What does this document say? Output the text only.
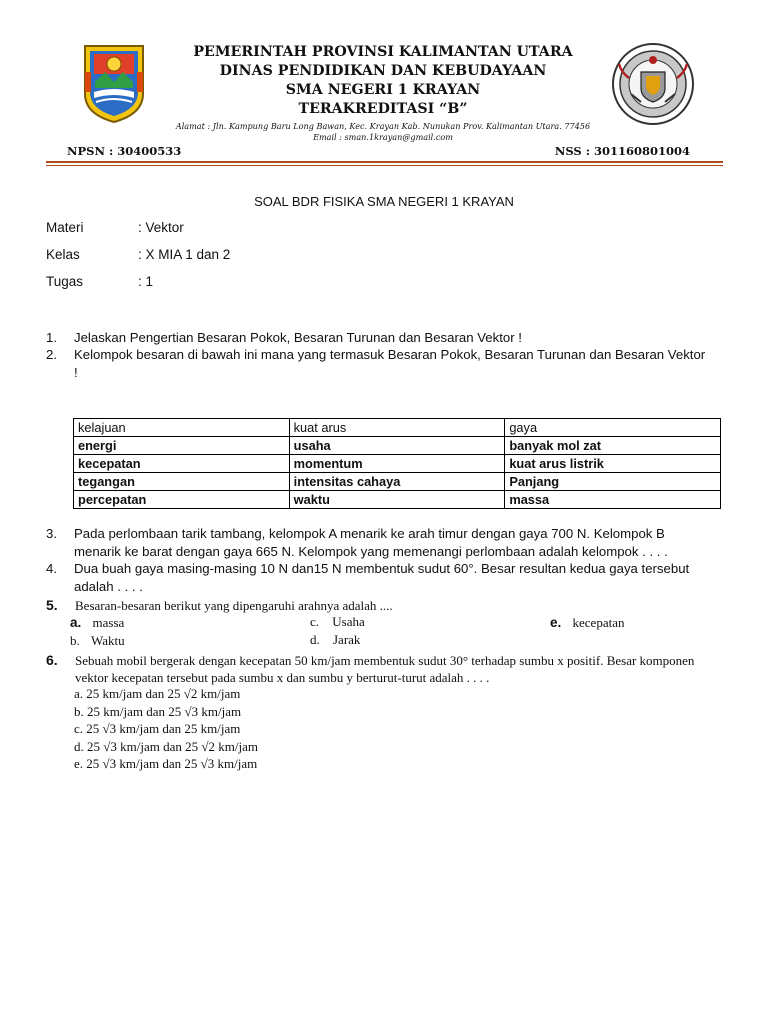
PEMERINTAH PROVINSI KALIMANTAN UTARA
DINAS PENDIDIKAN DAN KEBUDAYAAN
SMA NEGERI 1 KRAYAN
TERAKREDITASI “B”
Alamat : Jln. Kampung Baru Long Bawan, Kec. Krayan Kab. Nunukan Prov. Kalimantan Utara. 77456
Email : sman.1krayan@gmail.com
NPSN : 30400533	NSS : 301160801004
SOAL BDR FISIKA SMA NEGERI 1 KRAYAN
Materi	: Vektor
Kelas	: X MIA 1 dan 2
Tugas	: 1
1. Jelaskan Pengertian Besaran Pokok, Besaran Turunan dan Besaran Vektor !
2. Kelompok besaran di bawah ini mana yang termasuk Besaran Pokok, Besaran Turunan dan Besaran Vektor !
kelajuan	kuat arus	gaya
energi	usaha	banyak mol zat
kecepatan	momentum	kuat arus listrik
tegangan	intensitas cahaya	Panjang
percepatan	waktu	massa
3. Pada perlombaan tarik tambang, kelompok A menarik ke arah timur dengan gaya 700 N. Kelompok B menarik ke barat dengan gaya 665 N. Kelompok yang memenangi perlombaan adalah kelompok . . . .
4. Dua buah gaya masing-masing 10 N dan15 N membentuk sudut 60°. Besar resultan kedua gaya tersebut adalah . . . .
5. Besaran-besaran berikut yang dipengaruhi arahnya adalah ....
a. massa
b. Waktu
c. Usaha
d. Jarak
e. kecepatan
6. Sebuah mobil bergerak dengan kecepatan 50 km/jam membentuk sudut 30° terhadap sumbu x positif. Besar komponen vektor kecepatan tersebut pada sumbu x dan sumbu y berturut-turut adalah . . . .
a. 25 km/jam dan 25 √2 km/jam
b. 25 km/jam dan 25 √3 km/jam
c. 25 √3 km/jam dan 25 km/jam
d. 25 √3 km/jam dan 25 √2 km/jam
e. 25 √3 km/jam dan 25 √3 km/jam
